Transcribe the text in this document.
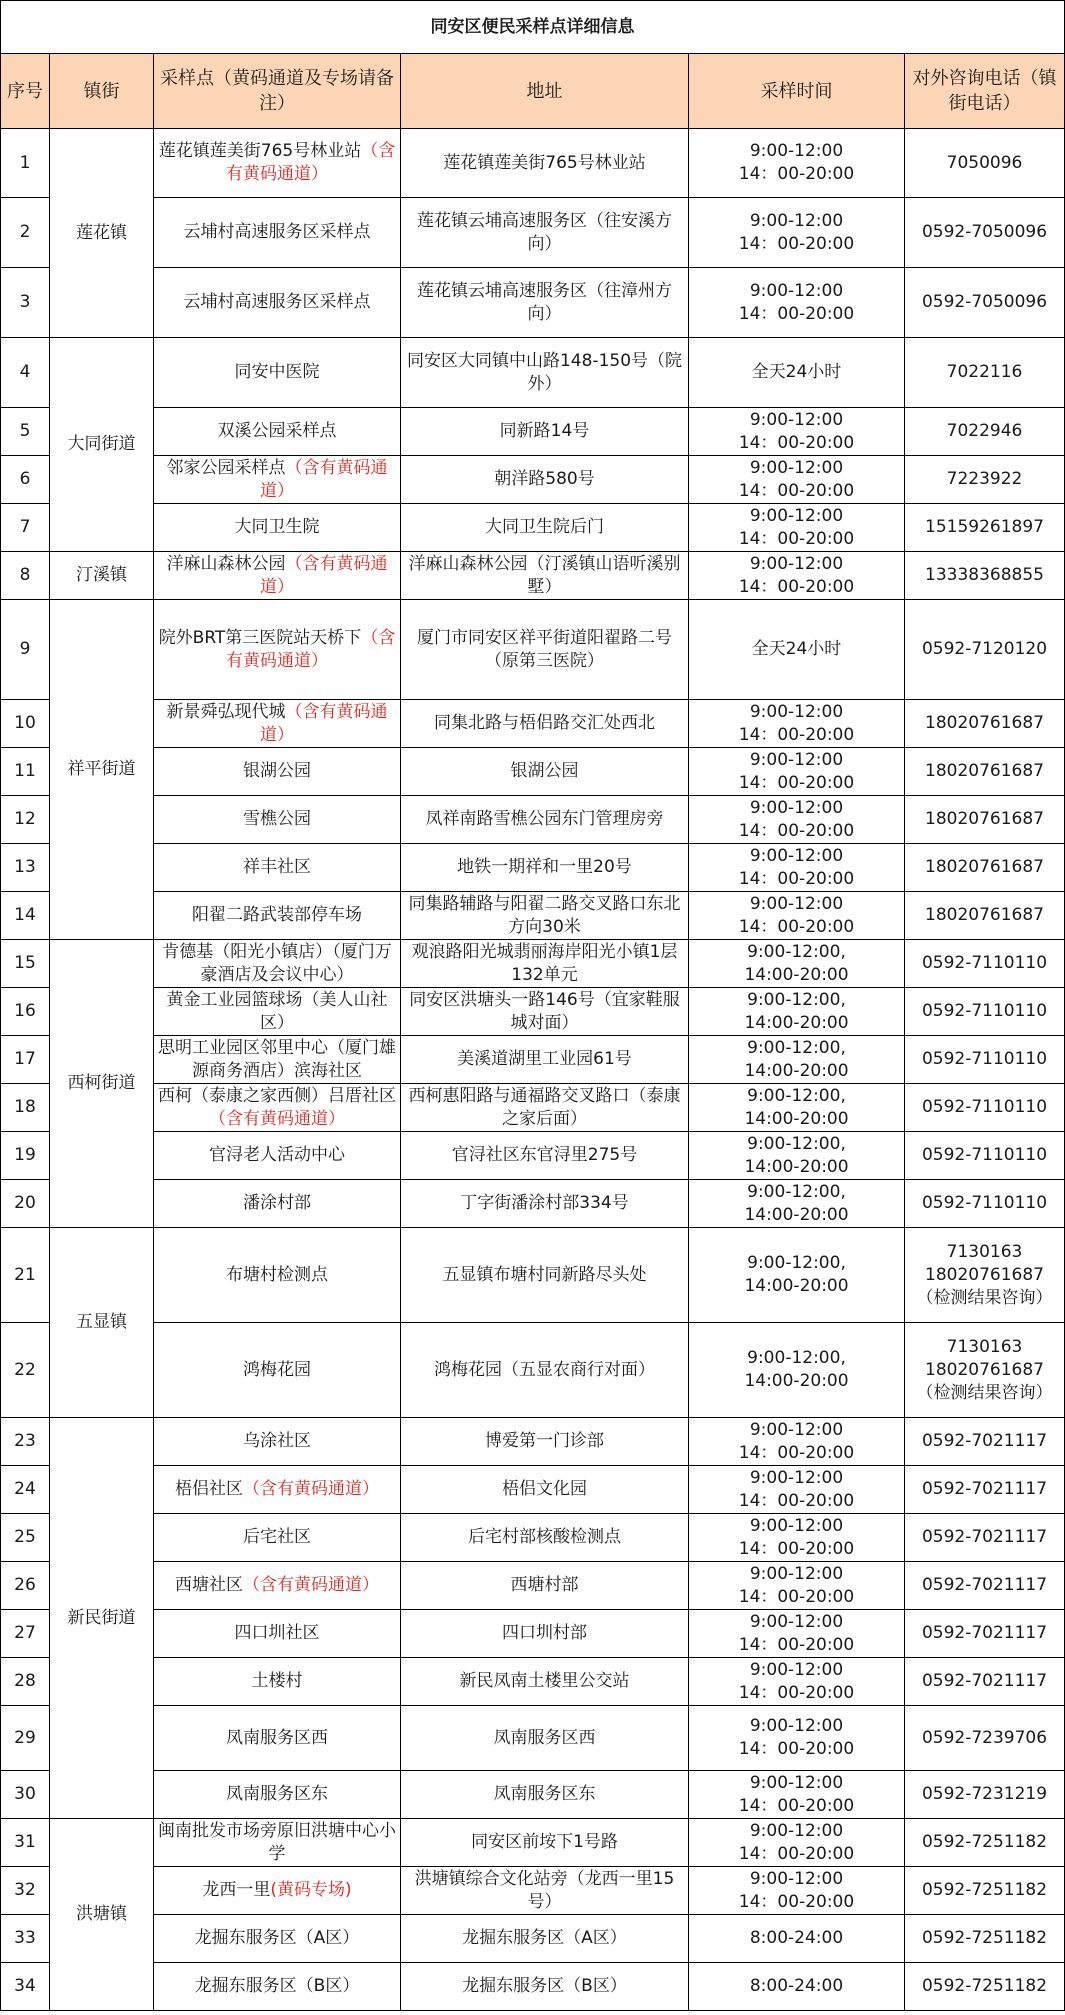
同安区便民采样点详细信息					
序号	镇街	采样点（黄码通道及专场请备注）	地址	采样时间	对外咨询电话（镇街电话）
1	莲花镇	莲花镇莲美街765号林业站（含有黄码通道）	莲花镇莲美街765号林业站	9:00-12:00
14：00-20:00	7050096

2		云埔村高速服务区采样点	莲花镇云埔高速服务区（往安溪方向）	9:00-12:00
14：00-20:00	0592-7050096

3		云埔村高速服务区采样点	莲花镇云埔高速服务区（往漳州方向）	9:00-12:00
14：00-20:00	0592-7050096

4	大同街道	同安中医院	同安区大同镇中山路148-150号（院外）	全天24小时	7022116

5		双溪公园采样点	同新路14号	9:00-12:00
14：00-20:00	7022946

6		邻家公园采样点（含有黄码通道）	朝洋路580号	9:00-12:00
14：00-20:00	7223922

7		大同卫生院	大同卫生院后门	9:00-12:00
14：00-20:00	15159261897

8	汀溪镇	洋麻山森林公园（含有黄码通道）	洋麻山森林公园（汀溪镇山语听溪别墅）	9:00-12:00
14：00-20:00	13338368855

9	祥平街道	院外BRT第三医院站天桥下（含有黄码通道）	厦门市同安区祥平街道阳翟路二号（原第三医院）	全天24小时	0592-7120120

10		新景舜弘现代城（含有黄码通道）	同集北路与梧侣路交汇处西北	9:00-12:00
14：00-20:00	18020761687

11		银湖公园	银湖公园	9:00-12:00
14：00-20:00	18020761687

12		雪樵公园	凤祥南路雪樵公园东门管理房旁	9:00-12:00
14：00-20:00	18020761687

13		祥丰社区	地铁一期祥和一里20号	9:00-12:00
14：00-20:00	18020761687

14		阳翟二路武装部停车场	同集路辅路与阳翟二路交叉路口东北方向30米	9:00-12:00
14：00-20:00	18020761687

15	西柯街道	肯德基（阳光小镇店）（厦门万豪酒店及会议中心）	观浪路阳光城翡丽海岸阳光小镇1层132单元	9:00-12:00,
14:00-20:00	0592-7110110

16		黄金工业园篮球场（美人山社区）	同安区洪塘头一路146号（宜家鞋服城对面）	9:00-12:00,
14:00-20:00	0592-7110110

17		思明工业园区邻里中心（厦门雄源商务酒店）滨海社区	美溪道湖里工业园61号	9:00-12:00,
14:00-20:00	0592-7110110

18		西柯（泰康之家西侧）吕厝社区（含有黄码通道）	西柯惠阳路与通福路交叉路口（泰康之家后面）	9:00-12:00,
14:00-20:00	0592-7110110

19		官浔老人活动中心	官浔社区东官浔里275号	9:00-12:00,
14:00-20:00	0592-7110110

20		潘涂村部	丁字街潘涂村部334号	9:00-12:00,
14:00-20:00	0592-7110110

21	五显镇	布塘村检测点	五显镇布塘村同新路尽头处	9:00-12:00,
14:00-20:00	7130163
18020761687
（检测结果咨询）

22		鸿梅花园	鸿梅花园（五显农商行对面）	9:00-12:00,
14:00-20:00	7130163
18020761687
（检测结果咨询）

23	新民街道	乌涂社区	博爱第一门诊部	9:00-12:00
14：00-20:00	0592-7021117

24		梧侣社区（含有黄码通道）	梧侣文化园	9:00-12:00
14：00-20:00	0592-7021117

25		后宅社区	后宅村部核酸检测点	9:00-12:00
14：00-20:00	0592-7021117

26		西塘社区（含有黄码通道）	西塘村部	9:00-12:00
14：00-20:00	0592-7021117

27		四口圳社区	四口圳村部	9:00-12:00
14：00-20:00	0592-7021117

28		土楼村	新民凤南土楼里公交站	9:00-12:00
14：00-20:00	0592-7021117

29		凤南服务区西	凤南服务区西	9:00-12:00
14：00-20:00	0592-7239706

30		凤南服务区东	凤南服务区东	9:00-12:00
14：00-20:00	0592-7231219

31	洪塘镇	闽南批发市场旁原旧洪塘中心小学	同安区前垵下1号路	9:00-12:00
14：00-20:00	0592-7251182

32		龙西一里(黄码专场)	洪塘镇综合文化站旁（龙西一里15号）	9:00-12:00
14：00-20:00	0592-7251182

33		龙掘东服务区（A区）	龙掘东服务区（A区）	8:00-24:00	0592-7251182

34		龙掘东服务区（B区）	龙掘东服务区（B区）	8:00-24:00	0592-7251182
